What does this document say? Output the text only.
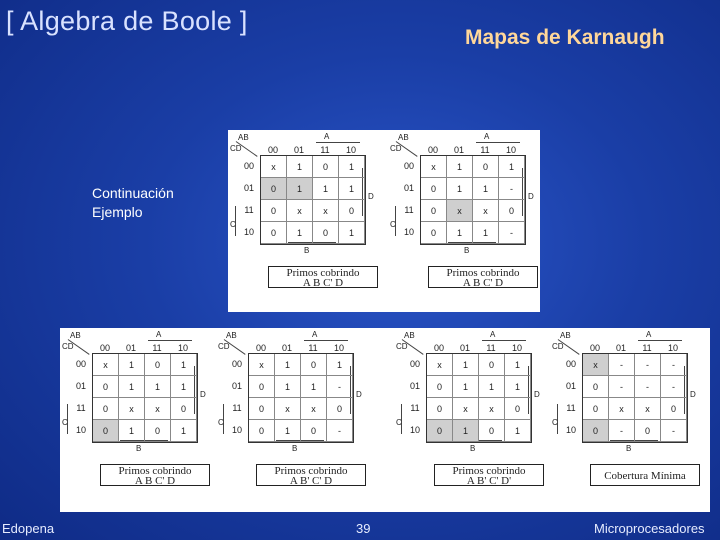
[ Algebra de Boole ]
Mapas de Karnaugh
Continuación
Ejemplo
AB
CD
A
D
C
B
00	01	11	10
00
01
11
10
x	1	0	1
0	1	1	1
0	x	x	0
0	1	0	1
Primos cobrindo
A B C' D
AB
CD
A
D
C
B
00	01	11	10
00
01
11
10
x	1	0	1
0	1	1	-
0	x	x	0
0	1	1	-
Primos cobrindo
A B C' D
AB
CD
A
D
C
B
00	01	11	10
00
01
11
10
x	1	0	1
0	1	1	1
0	x	x	0
0	1	0	1
Primos cobrindo
A B C' D
AB
CD
A
D
C
B
00	01	11	10
00
01
11
10
x	1	0	1
0	1	1	-
0	x	x	0
0	1	0	-
Primos cobrindo
A B' C' D
AB
CD
A
D
C
B
00	01	11	10
00
01
11
10
x	1	0	1
0	1	1	1
0	x	x	0
0	1	0	1
Primos cobrindo
A B' C' D'
AB
CD
A
D
C
B
00	01	11	10
00
01
11
10
x	-	-	-
0	-	-	-
0	x	x	0
0	-	0	-
Cobertura Mínima
Edopena	39	Microprocesadores
